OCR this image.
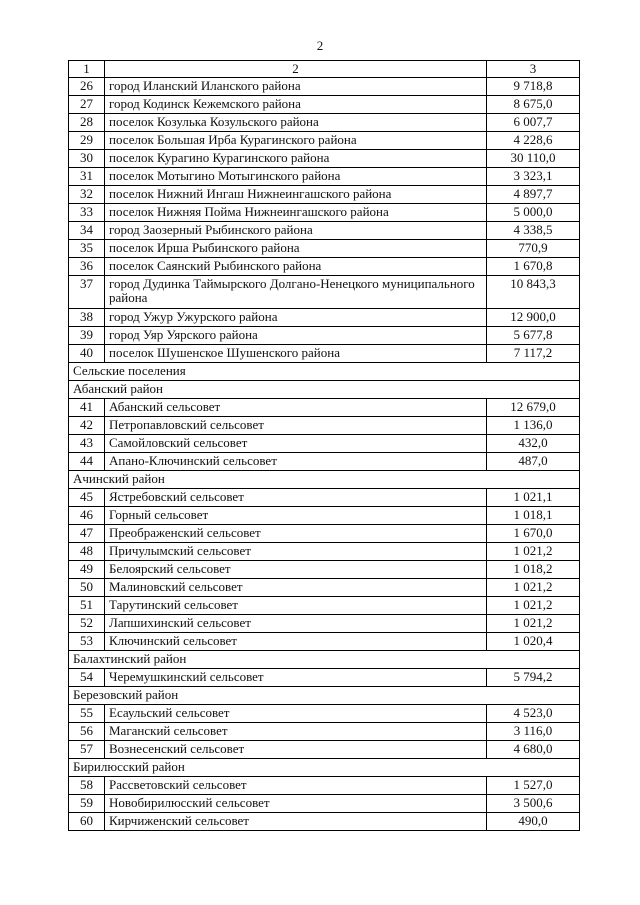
2
1	2	3
26	город Иланский Иланского района	9 718,8
27	город Кодинск Кежемского района	8 675,0
28	поселок Козулька Козульского района	6 007,7
29	поселок Большая Ирба Курагинского района	4 228,6
30	поселок Курагино Курагинского района	30 110,0
31	поселок Мотыгино Мотыгинского района	3 323,1
32	поселок Нижний Ингаш Нижнеингашского района	4 897,7
33	поселок Нижняя Пойма Нижнеингашского района	5 000,0
34	город Заозерный Рыбинского района	4 338,5
35	поселок Ирша Рыбинского района	770,9
36	поселок Саянский Рыбинского района	1 670,8
37	город Дудинка Таймырского Долгано-Ненецкого муниципального района	10 843,3
38	город Ужур Ужурского района	12 900,0
39	город Уяр Уярского района	5 677,8
40	поселок Шушенское Шушенского района	7 117,2
Сельские поселения		
Абанский район		
41	Абанский сельсовет	12 679,0
42	Петропавловский сельсовет	1 136,0
43	Самойловский сельсовет	432,0
44	Апано-Ключинский сельсовет	487,0
Ачинский район		
45	Ястребовский сельсовет	1 021,1
46	Горный сельсовет	1 018,1
47	Преображенский сельсовет	1 670,0
48	Причулымский сельсовет	1 021,2
49	Белоярский сельсовет	1 018,2
50	Малиновский сельсовет	1 021,2
51	Тарутинский сельсовет	1 021,2
52	Лапшихинский сельсовет	1 021,2
53	Ключинский сельсовет	1 020,4
Балахтинский район		
54	Черемушкинский сельсовет	5 794,2
Березовский район		
55	Есаульский сельсовет	4 523,0
56	Маганский сельсовет	3 116,0
57	Вознесенский сельсовет	4 680,0
Бирилюсский район		
58	Рассветовский сельсовет	1 527,0
59	Новобирилюсский сельсовет	3 500,6
60	Кирчиженский сельсовет	490,0
